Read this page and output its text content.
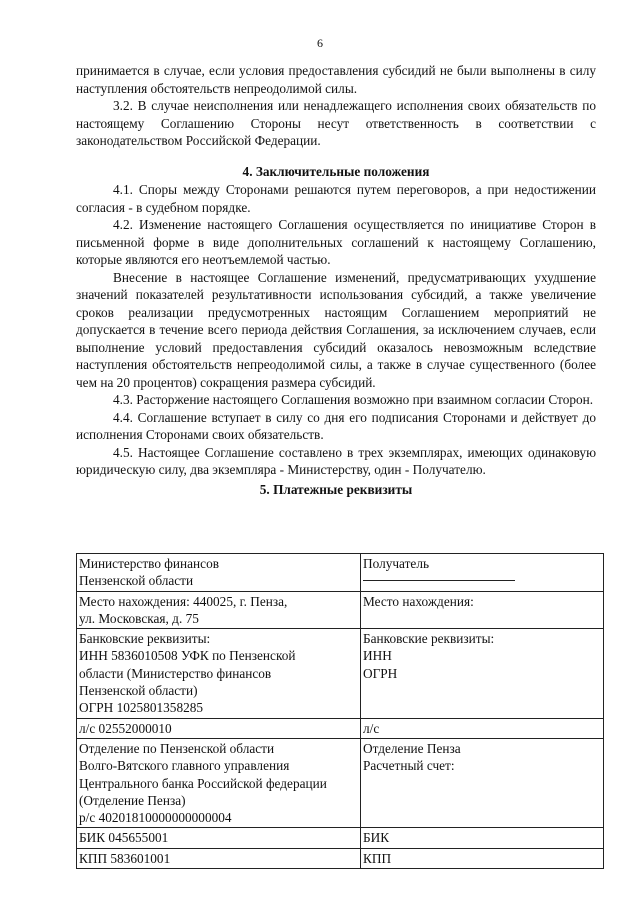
6

принимается в случае, если условия предоставления субсидий не были выполнены в силу наступления обстоятельств непреодолимой силы.

3.2. В случае неисполнения или ненадлежащего исполнения своих обязательств по настоящему Соглашению Стороны несут ответственность в соответствии с законодательством Российской Федерации.

4. Заключительные положения

4.1. Споры между Сторонами решаются путем переговоров, а при недостижении согласия - в судебном порядке.

4.2. Изменение настоящего Соглашения осуществляется по инициативе Сторон в письменной форме в виде дополнительных соглашений к настоящему Соглашению, которые являются его неотъемлемой частью.

Внесение в настоящее Соглашение изменений, предусматривающих ухудшение значений показателей результативности использования субсидий, а также увеличение сроков реализации предусмотренных настоящим Соглашением мероприятий не допускается в течение всего периода действия Соглашения, за исключением случаев, если выполнение условий предоставления субсидий оказалось невозможным вследствие наступления обстоятельств непреодолимой силы, а также в случае существенного (более чем на 20 процентов) сокращения размера субсидий.

4.3. Расторжение настоящего Соглашения возможно при взаимном согласии Сторон.

4.4. Соглашение вступает в силу со дня его подписания Сторонами и действует до исполнения Сторонами своих обязательств.

4.5. Настоящее Соглашение составлено в трех экземплярах, имеющих одинаковую юридическую силу, два экземпляра - Министерству, один - Получателю.

5. Платежные реквизиты

Министерство финансов
Пензенской области	Получатель

Место нахождения: 440025, г. Пенза,
ул. Московская, д. 75	Место нахождения:

Банковские реквизиты:
ИНН 5836010508 УФК по Пензенской
области (Министерство финансов
Пензенской области)
ОГРН 1025801358285	Банковские реквизиты:
ИНН
ОГРН

л/с 02552000010	л/с

Отделение по Пензенской области
Волго-Вятского главного управления
Центрального банка Российской федерации
(Отделение Пенза)
р/с 40201810000000000004	Отделение Пенза
Расчетный счет:

БИК 045655001	БИК

КПП 583601001	КПП
